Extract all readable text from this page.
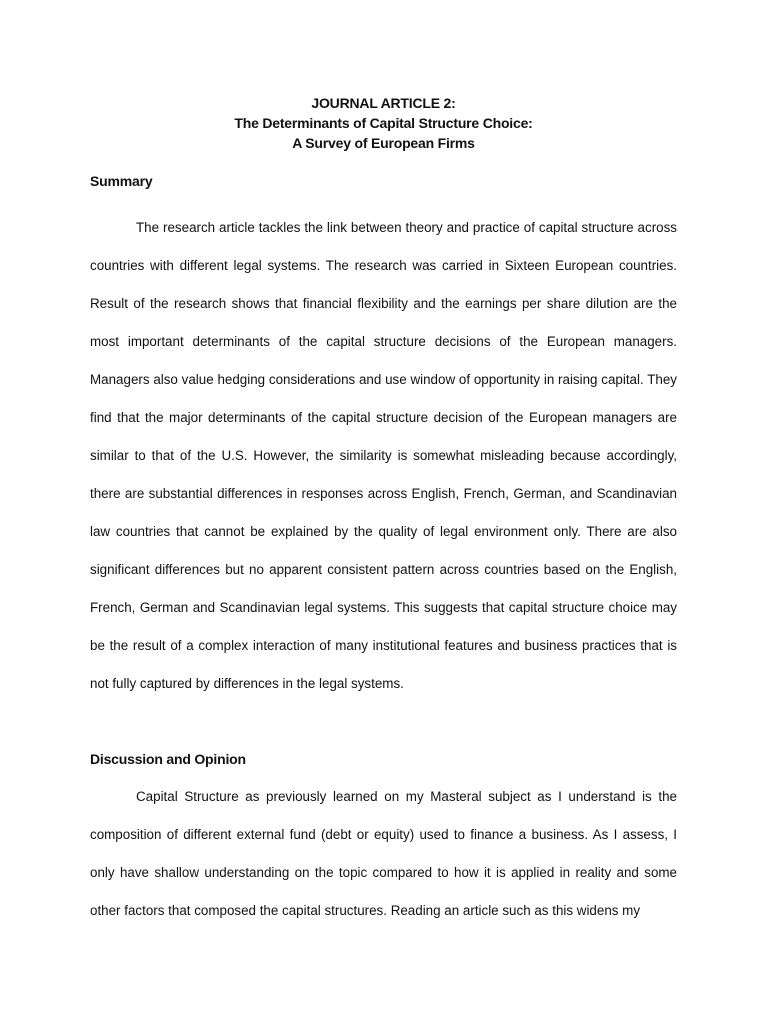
JOURNAL ARTICLE 2:
The Determinants of Capital Structure Choice:
A Survey of European Firms
Summary

The research article tackles the link between theory and practice of capital structure across countries with different legal systems. The research was carried in Sixteen European countries. Result of the research shows that financial flexibility and the earnings per share dilution are the most important determinants of the capital structure decisions of the European managers. Managers also value hedging considerations and use window of opportunity in raising capital. They find that the major determinants of the capital structure decision of the European managers are similar to that of the U.S. However, the similarity is somewhat misleading because accordingly, there are substantial differences in responses across English, French, German, and Scandinavian law countries that cannot be explained by the quality of legal environment only. There are also significant differences but no apparent consistent pattern across countries based on the English, French, German and Scandinavian legal systems. This suggests that capital structure choice may be the result of a complex interaction of many institutional features and business practices that is not fully captured by differences in the legal systems.

Discussion and Opinion

Capital Structure as previously learned on my Masteral subject as I understand is the composition of different external fund (debt or equity) used to finance a business. As I assess, I only have shallow understanding on the topic compared to how it is applied in reality and some other factors that composed the capital structures. Reading an article such as this widens my
